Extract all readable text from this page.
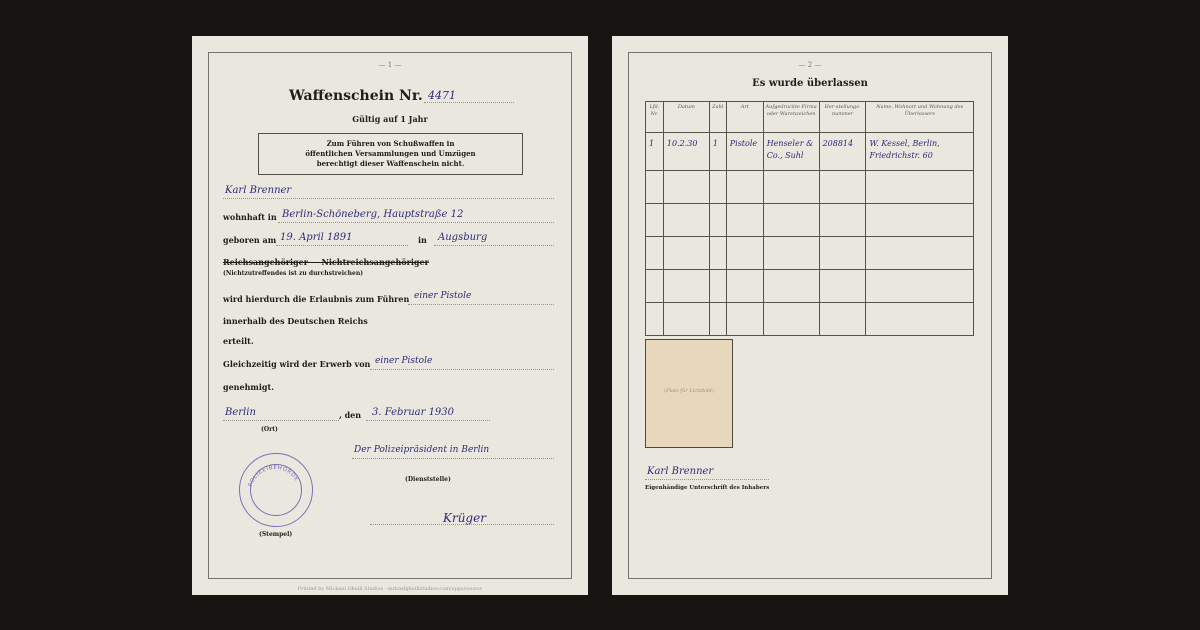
— 1 —
Waffenschein Nr. 4471
Gültig auf 1 Jahr
Zum Führen von Schußwaffen in
öffentlichen Versammlungen und Umzügen
berechtigt dieser Waffenschein nicht.
Karl Brenner
wohnhaft in Berlin-Schöneberg, Hauptstraße 12
geboren am 19. April 1891	in Augsburg
Reichsangehöriger — Nichtreichsangehöriger
(Nichtzutreffendes ist zu durchstreichen)
wird hierdurch die Erlaubnis zum Führen einer Pistole
innerhalb des Deutschen Reichs
erteilt.
Gleichzeitig wird der Erwerb von einer Pistole
genehmigt.
Berlin	, den 3. Februar 1930
(Ort)
Der Polizeipräsident in Berlin
(Dienststelle)
POLIZEIBEHÖRDE
(Stempel)
Krüger
Printed by Michael Gheill Studios · mrkasfgheillstudios.com/apps/source
— 2 —
Es wurde überlassen
Lfd. Nr.	Datum	Zahl	Art	Aufgedruckte Firma oder Warenzeichen	Her-stellungs-nummer	Name, Wohnort und Wohnung des Überlassers
1	10.2.30	1	Pistole	Henseler & Co., Suhl	208814	W. Kessel, Berlin, Friedrichstr. 60

(Platz für Lichtbild)
Karl Brenner
Eigenhändige Unterschrift des Inhabers
